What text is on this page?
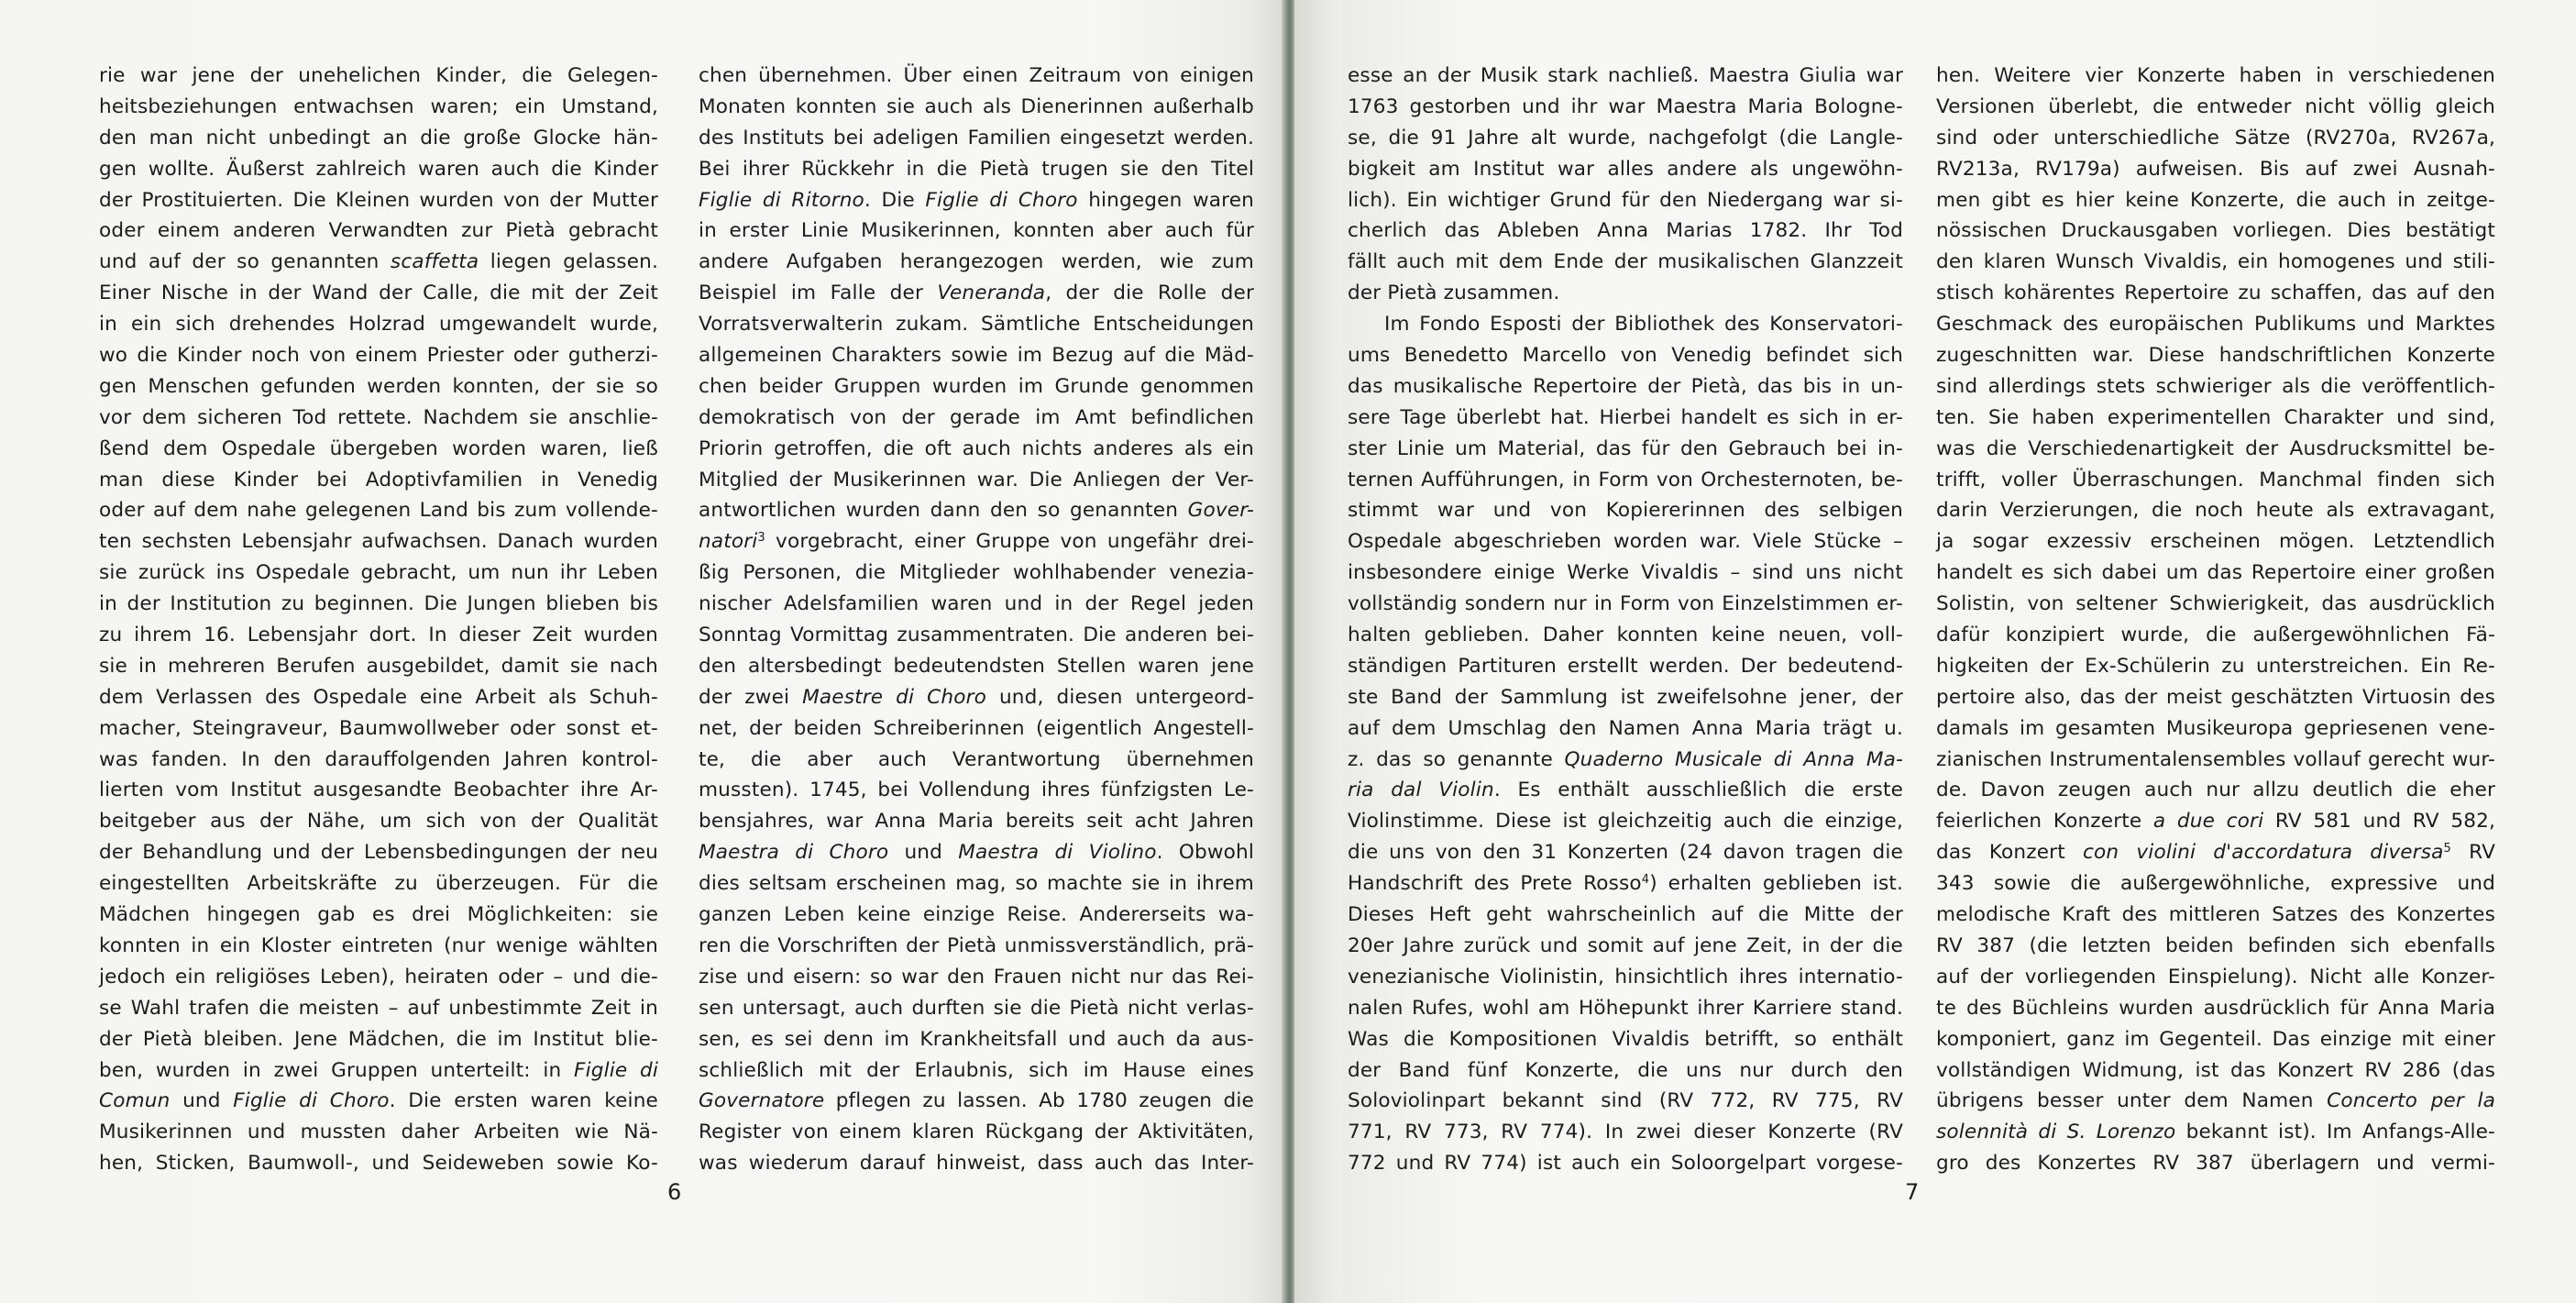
rie war jene der unehelichen Kinder, die Gelegen-
heitsbeziehungen entwachsen waren; ein Umstand,
den man nicht unbedingt an die große Glocke hän-
gen wollte. Äußerst zahlreich waren auch die Kinder
der Prostituierten. Die Kleinen wurden von der Mutter
oder einem anderen Verwandten zur Pietà gebracht
und auf der so genannten scaffetta liegen gelassen.
Einer Nische in der Wand der Calle, die mit der Zeit
in ein sich drehendes Holzrad umgewandelt wurde,
wo die Kinder noch von einem Priester oder gutherzi-
gen Menschen gefunden werden konnten, der sie so
vor dem sicheren Tod rettete. Nachdem sie anschlie-
ßend dem Ospedale übergeben worden waren, ließ
man diese Kinder bei Adoptivfamilien in Venedig
oder auf dem nahe gelegenen Land bis zum vollende-
ten sechsten Lebensjahr aufwachsen. Danach wurden
sie zurück ins Ospedale gebracht, um nun ihr Leben
in der Institution zu beginnen. Die Jungen blieben bis
zu ihrem 16. Lebensjahr dort. In dieser Zeit wurden
sie in mehreren Berufen ausgebildet, damit sie nach
dem Verlassen des Ospedale eine Arbeit als Schuh-
macher, Steingraveur, Baumwollweber oder sonst et-
was fanden. In den darauffolgenden Jahren kontrol-
lierten vom Institut ausgesandte Beobachter ihre Ar-
beitgeber aus der Nähe, um sich von der Qualität
der Behandlung und der Lebensbedingungen der neu
eingestellten Arbeitskräfte zu überzeugen. Für die
Mädchen hingegen gab es drei Möglichkeiten: sie
konnten in ein Kloster eintreten (nur wenige wählten
jedoch ein religiöses Leben), heiraten oder – und die-
se Wahl trafen die meisten – auf unbestimmte Zeit in
der Pietà bleiben. Jene Mädchen, die im Institut blie-
ben, wurden in zwei Gruppen unterteilt: in Figlie di
Comun und Figlie di Choro. Die ersten waren keine
Musikerinnen und mussten daher Arbeiten wie Nä-
hen, Sticken, Baumwoll-, und Seideweben sowie Ko-
chen übernehmen. Über einen Zeitraum von einigen
Monaten konnten sie auch als Dienerinnen außerhalb
des Instituts bei adeligen Familien eingesetzt werden.
Bei ihrer Rückkehr in die Pietà trugen sie den Titel
Figlie di Ritorno. Die Figlie di Choro hingegen waren
in erster Linie Musikerinnen, konnten aber auch für
andere Aufgaben herangezogen werden, wie zum
Beispiel im Falle der Veneranda, der die Rolle der
Vorratsverwalterin zukam. Sämtliche Entscheidungen
allgemeinen Charakters sowie im Bezug auf die Mäd-
chen beider Gruppen wurden im Grunde genommen
demokratisch von der gerade im Amt befindlichen
Priorin getroffen, die oft auch nichts anderes als ein
Mitglied der Musikerinnen war. Die Anliegen der Ver-
antwortlichen wurden dann den so genannten Gover-
natori$^3$ vorgebracht, einer Gruppe von ungefähr drei-
ßig Personen, die Mitglieder wohlhabender venezia-
nischer Adelsfamilien waren und in der Regel jeden
Sonntag Vormittag zusammentraten. Die anderen bei-
den altersbedingt bedeutendsten Stellen waren jene
der zwei Maestre di Choro und, diesen untergeord-
net, der beiden Schreiberinnen (eigentlich Angestell-
te, die aber auch Verantwortung übernehmen
mussten). 1745, bei Vollendung ihres fünfzigsten Le-
bensjahres, war Anna Maria bereits seit acht Jahren
Maestra di Choro und Maestra di Violino. Obwohl
dies seltsam erscheinen mag, so machte sie in ihrem
ganzen Leben keine einzige Reise. Andererseits wa-
ren die Vorschriften der Pietà unmissverständlich, prä-
zise und eisern: so war den Frauen nicht nur das Rei-
sen untersagt, auch durften sie die Pietà nicht verlas-
sen, es sei denn im Krankheitsfall und auch da aus-
schließlich mit der Erlaubnis, sich im Hause eines
Governatore pflegen zu lassen. Ab 1780 zeugen die
Register von einem klaren Rückgang der Aktivitäten,
was wiederum darauf hinweist, dass auch das Inter-
6
esse an der Musik stark nachließ. Maestra Giulia war
1763 gestorben und ihr war Maestra Maria Bologne-
se, die 91 Jahre alt wurde, nachgefolgt (die Langle-
bigkeit am Institut war alles andere als ungewöhn-
lich). Ein wichtiger Grund für den Niedergang war si-
cherlich das Ableben Anna Marias 1782. Ihr Tod
fällt auch mit dem Ende der musikalischen Glanzzeit
der Pietà zusammen.
Im Fondo Esposti der Bibliothek des Konservatori-
ums Benedetto Marcello von Venedig befindet sich
das musikalische Repertoire der Pietà, das bis in un-
sere Tage überlebt hat. Hierbei handelt es sich in er-
ster Linie um Material, das für den Gebrauch bei in-
ternen Aufführungen, in Form von Orchesternoten, be-
stimmt war und von Kopiererinnen des selbigen
Ospedale abgeschrieben worden war. Viele Stücke –
insbesondere einige Werke Vivaldis – sind uns nicht
vollständig sondern nur in Form von Einzelstimmen er-
halten geblieben. Daher konnten keine neuen, voll-
ständigen Partituren erstellt werden. Der bedeutend-
ste Band der Sammlung ist zweifelsohne jener, der
auf dem Umschlag den Namen Anna Maria trägt u.
z. das so genannte Quaderno Musicale di Anna Ma-
ria dal Violin. Es enthält ausschließlich die erste
Violinstimme. Diese ist gleichzeitig auch die einzige,
die uns von den 31 Konzerten (24 davon tragen die
Handschrift des Prete Rosso$^4$) erhalten geblieben ist.
Dieses Heft geht wahrscheinlich auf die Mitte der
20er Jahre zurück und somit auf jene Zeit, in der die
venezianische Violinistin, hinsichtlich ihres internatio-
nalen Rufes, wohl am Höhepunkt ihrer Karriere stand.
Was die Kompositionen Vivaldis betrifft, so enthält
der Band fünf Konzerte, die uns nur durch den
Soloviolinpart bekannt sind (RV 772, RV 775, RV
771, RV 773, RV 774). In zwei dieser Konzerte (RV
772 und RV 774) ist auch ein Soloorgelpart vorgese-
hen. Weitere vier Konzerte haben in verschiedenen
Versionen überlebt, die entweder nicht völlig gleich
sind oder unterschiedliche Sätze (RV270a, RV267a,
RV213a, RV179a) aufweisen. Bis auf zwei Ausnah-
men gibt es hier keine Konzerte, die auch in zeitge-
nössischen Druckausgaben vorliegen. Dies bestätigt
den klaren Wunsch Vivaldis, ein homogenes und stili-
stisch kohärentes Repertoire zu schaffen, das auf den
Geschmack des europäischen Publikums und Marktes
zugeschnitten war. Diese handschriftlichen Konzerte
sind allerdings stets schwieriger als die veröffentlich-
ten. Sie haben experimentellen Charakter und sind,
was die Verschiedenartigkeit der Ausdrucksmittel be-
trifft, voller Überraschungen. Manchmal finden sich
darin Verzierungen, die noch heute als extravagant,
ja sogar exzessiv erscheinen mögen. Letztendlich
handelt es sich dabei um das Repertoire einer großen
Solistin, von seltener Schwierigkeit, das ausdrücklich
dafür konzipiert wurde, die außergewöhnlichen Fä-
higkeiten der Ex-Schülerin zu unterstreichen. Ein Re-
pertoire also, das der meist geschätzten Virtuosin des
damals im gesamten Musikeuropa gepriesenen vene-
zianischen Instrumentalensembles vollauf gerecht wur-
de. Davon zeugen auch nur allzu deutlich die eher
feierlichen Konzerte a due cori RV 581 und RV 582,
das Konzert con violini d'accordatura diversa$^5$ RV
343 sowie die außergewöhnliche, expressive und
melodische Kraft des mittleren Satzes des Konzertes
RV 387 (die letzten beiden befinden sich ebenfalls
auf der vorliegenden Einspielung). Nicht alle Konzer-
te des Büchleins wurden ausdrücklich für Anna Maria
komponiert, ganz im Gegenteil. Das einzige mit einer
vollständigen Widmung, ist das Konzert RV 286 (das
übrigens besser unter dem Namen Concerto per la
solennità di S. Lorenzo bekannt ist). Im Anfangs-Alle-
gro des Konzertes RV 387 überlagern und vermi-
7
